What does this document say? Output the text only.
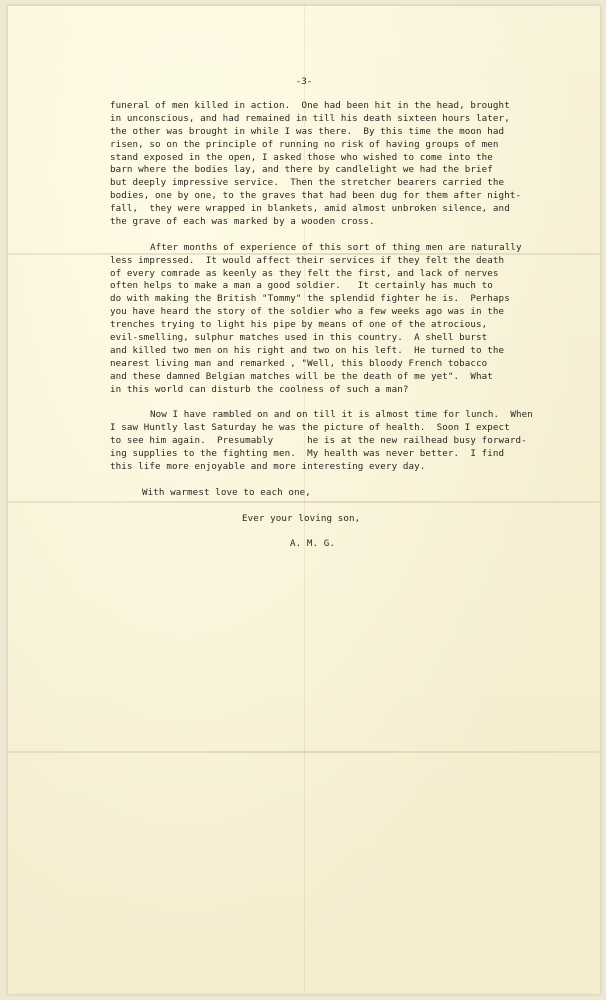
-3-
funeral of men killed in action.  One had been hit in the head, brought
in unconscious, and had remained in till his death sixteen hours later,
the other was brought in while I was there.  By this time the moon had
risen, so on the principle of running no risk of having groups of men
stand exposed in the open, I asked those who wished to come into the
barn where the bodies lay, and there by candlelight we had the brief
but deeply impressive service.  Then the stretcher bearers carried the
bodies, one by one, to the graves that had been dug for them after night-
fall,  they were wrapped in blankets, amid almost unbroken silence, and
the grave of each was marked by a wooden cross.
After months of experience of this sort of thing men are naturally
less impressed.  It would affect their services if they felt the death
of every comrade as keenly as they felt the first, and lack of nerves
often helps to make a man a good soldier.   It certainly has much to
do with making the British "Tommy" the splendid fighter he is.  Perhaps
you have heard the story of the soldier who a few weeks ago was in the
trenches trying to light his pipe by means of one of the atrocious,
evil-smelling, sulphur matches used in this country.  A shell burst
and killed two men on his right and two on his left.  He turned to the
nearest living man and remarked , "Well, this bloody French tobacco
and these damned Belgian matches will be the death of me yet".  What
in this world can disturb the coolness of such a man?
Now I have rambled on and on till it is almost time for lunch.  When
I saw Huntly last Saturday he was the picture of health.  Soon I expect
to see him again.  Presumably      he is at the new railhead busy forward-
ing supplies to the fighting men.  My health was never better.  I find
this life more enjoyable and more interesting every day.
With warmest love to each one,
Ever your loving son,
A. M. G.
